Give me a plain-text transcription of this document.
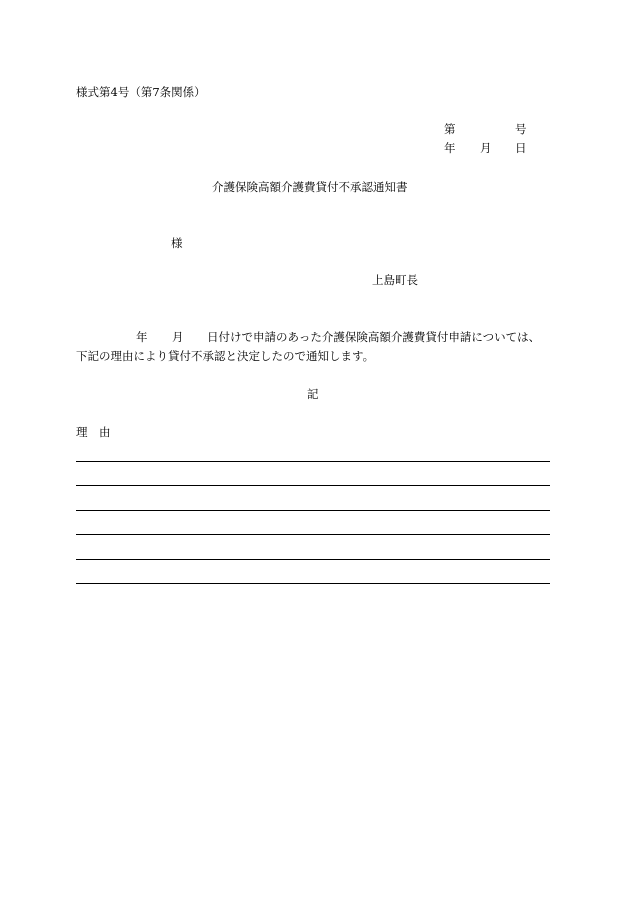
様式第4号（第7条関係）
第	号
年 月 日
介護保険高額介護費貸付不承認通知書
様
上島町長
年 月 日付けで申請のあった介護保険高額介護費貸付申請については、
下記の理由により貸付不承認と決定したので通知します。
記
理　由
